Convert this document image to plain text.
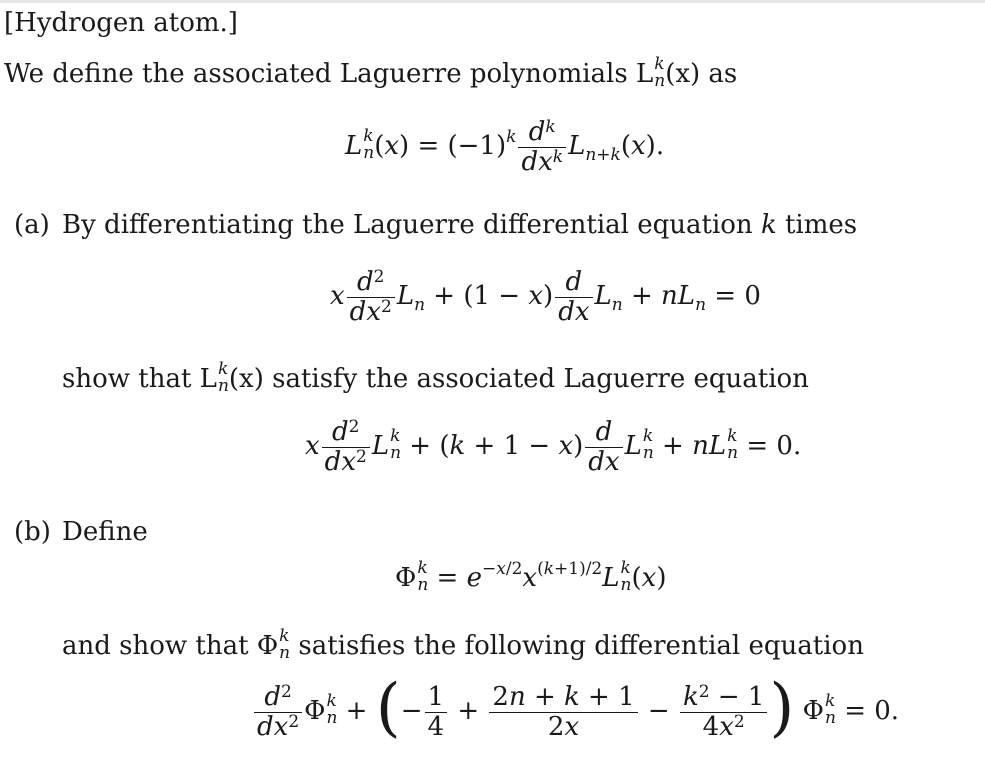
[Hydrogen atom.]
We define the associated Laguerre polynomials L k
n (x) as
L k
n $(x) = (-1)^k \frac{d^k}{dx^k} L_{n+k}(x)$.
(a) By differentiating the Laguerre differential equation k times
x $\frac{d^2}{dx^2} L_n + (1 - x) \frac{d}{dx} L_n + nL_n = 0$
show that L k
n (x) satisfy the associated Laguerre equation
x $\frac{d^2}{dx^2}$ L k
$n + (k + 1 - x) \frac{d}{dx}$ L k
n + nL k
n = 0.
(b) Define
Φ k
$n = e^{-x/2}x^{(k+1)/2}L$ k
n (x)
and show that Φ k
n satisfies the following differential equation
$\frac{d^2}{dx^2}$ Φ k
n + (− $\frac{1}{4} + \frac{2n + k + 1}{2x} - \frac{k^2 - 1}{4x^2}$ ) Φ k
n = 0.
